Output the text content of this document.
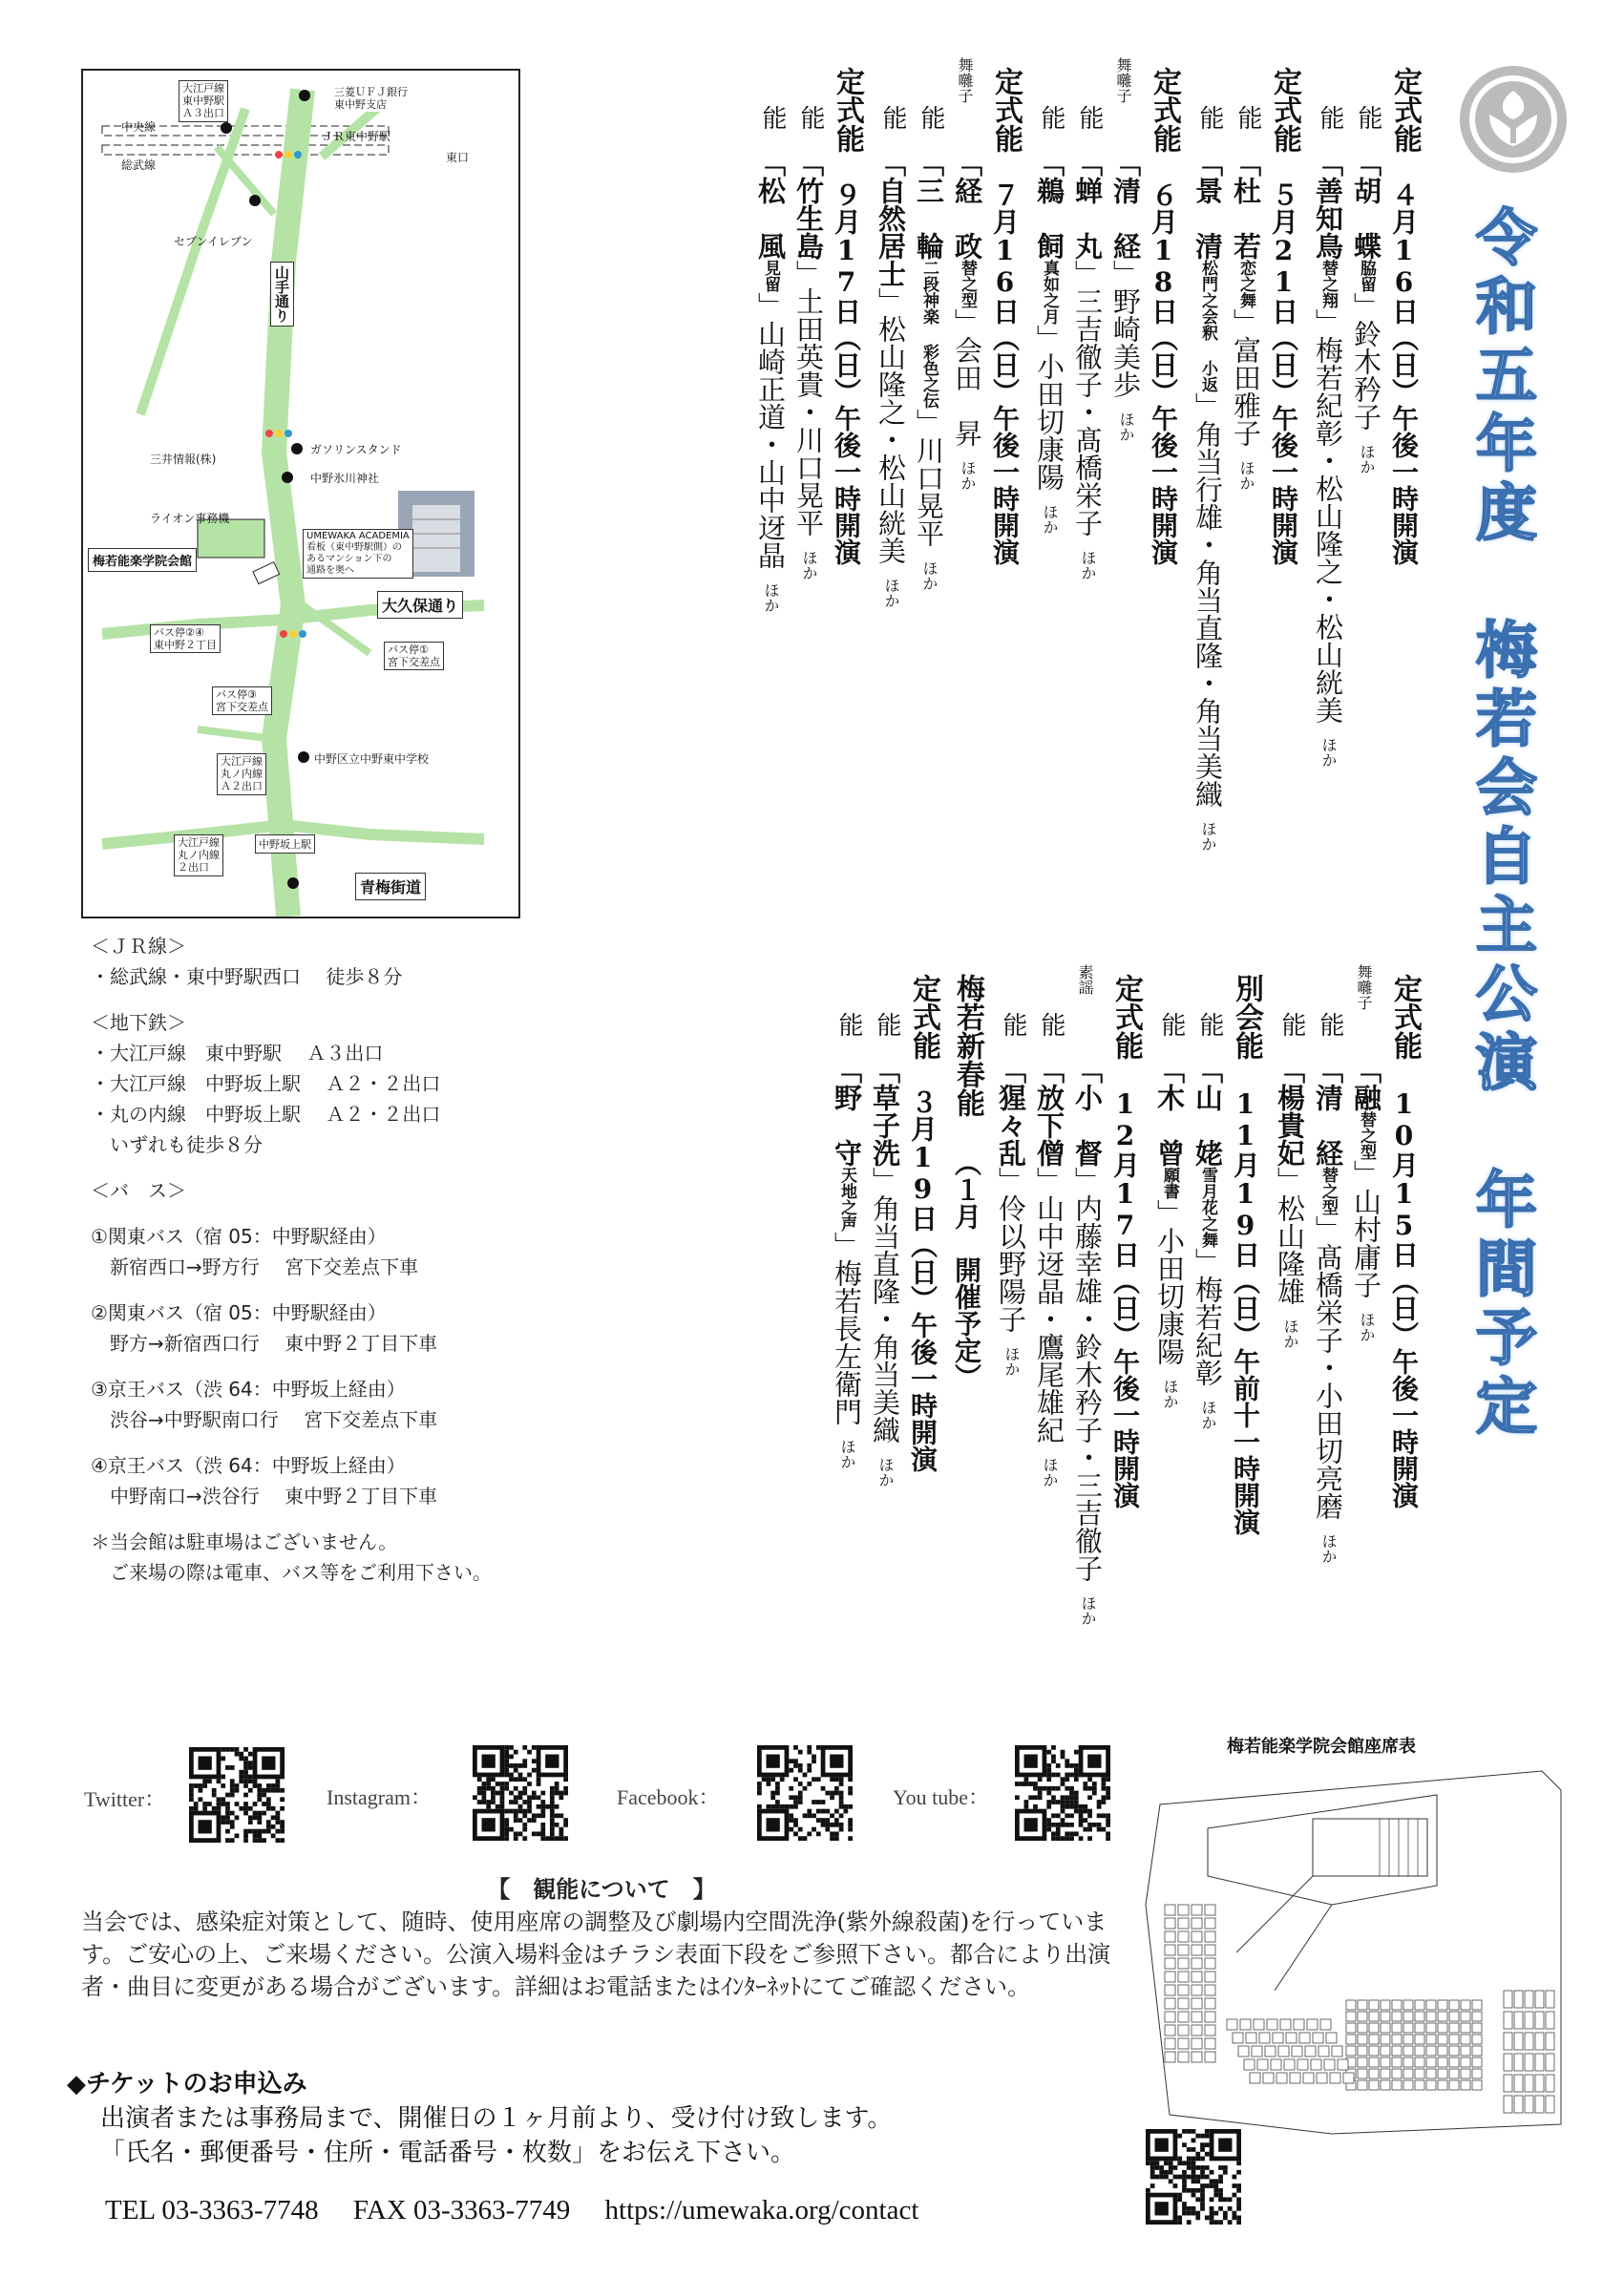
令和五年度　梅若会自主公演　年間予定
定式能
４月16日（日）午後一時開演
能
「胡　蝶脇留」鈴木矜子ほか
能
「善知鳥替之翔」梅若紀彰・松山隆之・松山絖美ほか
定式能
５月21日（日）午後一時開演
能
「杜　若恋之舞」富田雅子ほか
能
「景　清松門之会釈 小返」角当行雄・角当直隆・角当美織ほか
定式能
６月18日（日）午後一時開演
舞囃子
「清　経」野崎美歩ほか
能
「蝉　丸」三吉徹子・髙橋栄子ほか
能
「鵜　飼真如之月」小田切康陽ほか
定式能
７月16日（日）午後一時開演
舞囃子
「経　政替之型」会田　昇ほか
能
「三　輪二段神楽 彩色之伝」川口晃平ほか
能
「自然居士」松山隆之・松山絖美ほか
定式能
９月17日（日）午後一時開演
能
「竹生島」土田英貴・川口晃平ほか
能
「松　風見留」山崎正道・山中迓晶ほか
定式能
10月15日（日）午後一時開演
舞囃子
「融替之型」山村庸子ほか
能
「清　経替之型」髙橋栄子・小田切亮磨ほか
能
「楊貴妃」松山隆雄ほか
別会能
11月19日（日）午前十一時開演
能
「山　姥雪月花之舞」梅若紀彰ほか
能
「木　曾願書」小田切康陽ほか
定式能
12月17日（日）午後一時開演
素謡
「小　督」内藤幸雄・鈴木矜子・三吉徹子ほか
能
「放下僧」山中迓晶・鷹尾雄紀ほか
能
「猩々乱」伶以野陽子ほか
梅若新春能
（１月　開催予定）
定式能
３月19日（日）午後一時開演
能
「草子洗」角当直隆・角当美織ほか
能
「野　守天地之声」梅若長左衛門ほか
中央線
総武線
ＪＲ東中野駅
東口
セブンイレブン
山手通り
三井情報(株)
ガソリンスタンド
中野氷川神社
ライオン事務機
梅若能楽学院会館
大久保通り
中野区立中野東中学校
中野坂上駅
青梅街道
大江戸線
東中野駅
Ａ３出口
三菱ＵＦＪ銀行
東中野支店
UMEWAKA ACADEMIA
看板（東中野駅側）の
あるマンション下の
通路を奥へ
バス停②④
東中野２丁目	バス停①
宮下交差点
バス停③
宮下交差点
大江戸線
丸ノ内線
Ａ２出口
大江戸線
丸ノ内線
２出口
＜ＪＲ線＞
・総武線・東中野駅西口　 徒歩８分
＜地下鉄＞
・大江戸線　東中野駅　 Ａ３出口
・大江戸線　中野坂上駅　 Ａ２・２出口
・丸の内線　中野坂上駅　 Ａ２・２出口
　いずれも徒歩８分
＜バ　ス＞
①関東バス（宿 05：中野駅経由）
　新宿西口→野方行　 宮下交差点下車
②関東バス（宿 05：中野駅経由）
　野方→新宿西口行　 東中野２丁目下車
③京王バス（渋 64：中野坂上経由）
　渋谷→中野駅南口行　 宮下交差点下車
④京王バス（渋 64：中野坂上経由）
　中野南口→渋谷行　 東中野２丁目下車
＊当会館は駐車場はございません。
　ご来場の際は電車、バス等をご利用下さい。
Twitter：	Instagram：	Facebook：	You tube：
梅若能楽学院会館座席表
【　観能について　】
当会では、感染症対策として、随時、使用座席の調整及び劇場内空間洗浄(紫外線殺菌)を行っています。ご安心の上、ご来場ください。公演入場料金はチラシ表面下段をご参照下さい。都合により出演者・曲目に変更がある場合がございます。詳細はお電話またはｲﾝﾀｰﾈｯﾄにてご確認ください。
◆チケットのお申込み
出演者または事務局まで、開催日の１ヶ月前より、受け付け致します。
「氏名・郵便番号・住所・電話番号・枚数」をお伝え下さい。
TEL 03-3363-7748　 FAX 03-3363-7749　 https://umewaka.org/contact
